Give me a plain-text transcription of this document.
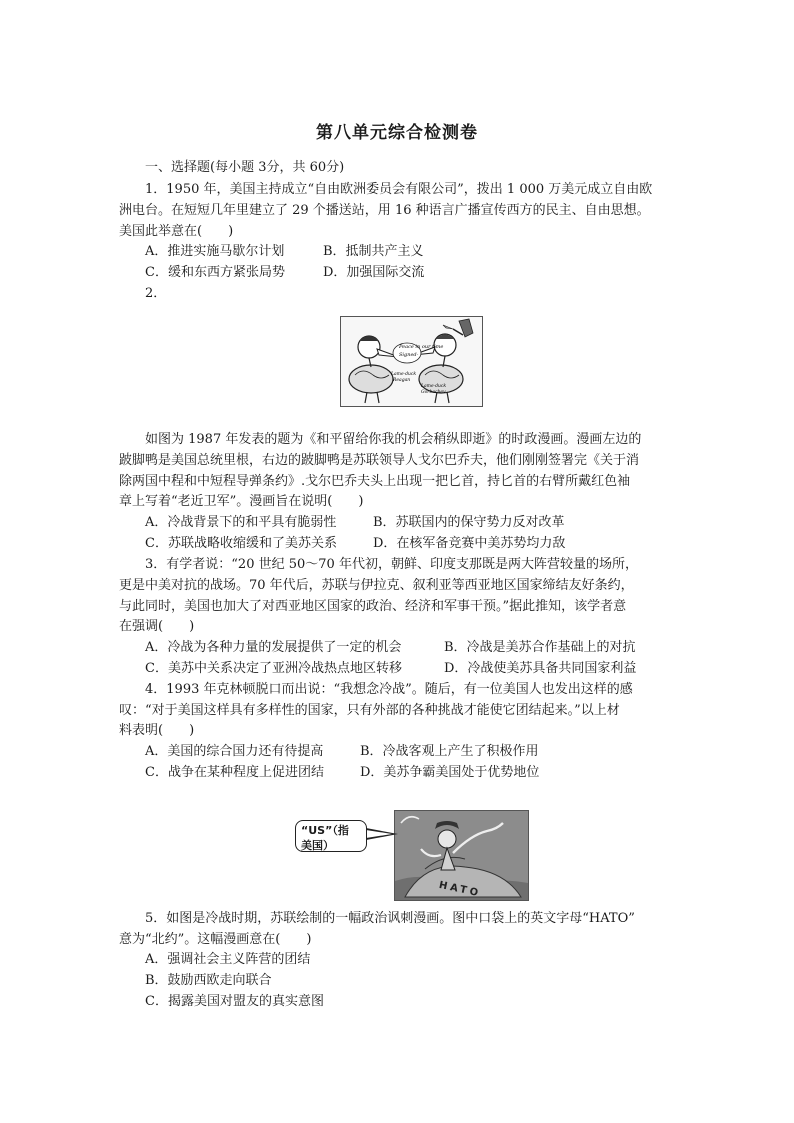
第八单元综合检测卷
一、选择题(每小题 3分，共 60分)
1．1950 年，美国主持成立“自由欧洲委员会有限公司”，拨出 1 000 万美元成立自由欧
洲电台。在短短几年里建立了 29 个播送站，用 16 种语言广播宣传西方的民主、自由思想。
美国此举意在(　　)
A．推进实施马歇尔计划	B．抵制共产主义
C．缓和东西方紧张局势	D．加强国际交流
2．
Peace in our time
Signed-
Lame-duck
Reagan
Lame-duck
Gorbachev
如图为 1987 年发表的题为《和平留给你我的机会稍纵即逝》的时政漫画。漫画左边的
跛脚鸭是美国总统里根，右边的跛脚鸭是苏联领导人戈尔巴乔夫，他们刚刚签署完《关于消
除两国中程和中短程导弹条约》.戈尔巴乔夫头上出现一把匕首，持匕首的右臂所戴红色袖
章上写着“老近卫军”。漫画旨在说明(　　)
A．冷战背景下的和平具有脆弱性	B．苏联国内的保守势力反对改革
C．苏联战略收缩缓和了美苏关系	D．在核军备竞赛中美苏势均力敌
3．有学者说：“20 世纪 50～70 年代初，朝鲜、印度支那既是两大阵营较量的场所，
更是中美对抗的战场。70 年代后，苏联与伊拉克、叙利亚等西亚地区国家缔结友好条约，
与此同时，美国也加大了对西亚地区国家的政治、经济和军事干预。”据此推知，该学者意
在强调(　　)
A．冷战为各种力量的发展提供了一定的机会	B．冷战是美苏合作基础上的对抗
C．美苏中关系决定了亚洲冷战热点地区转移	D．冷战使美苏具备共同国家利益
4．1993 年克林顿脱口而出说：“我想念冷战”。随后，有一位美国人也发出这样的感
叹：“对于美国这样具有多样性的国家，只有外部的各种挑战才能使它团结起来。”以上材
料表明(　　)
A．美国的综合国力还有待提高	B．冷战客观上产生了积极作用
C．战争在某种程度上促进团结	D．美苏争霸美国处于优势地位
HATO
“US”（指
美国）
5．如图是冷战时期，苏联绘制的一幅政治讽刺漫画。图中口袋上的英文字母“HATO”
意为“北约”。这幅漫画意在(　　)
A．强调社会主义阵营的团结
B．鼓励西欧走向联合
C．揭露美国对盟友的真实意图
